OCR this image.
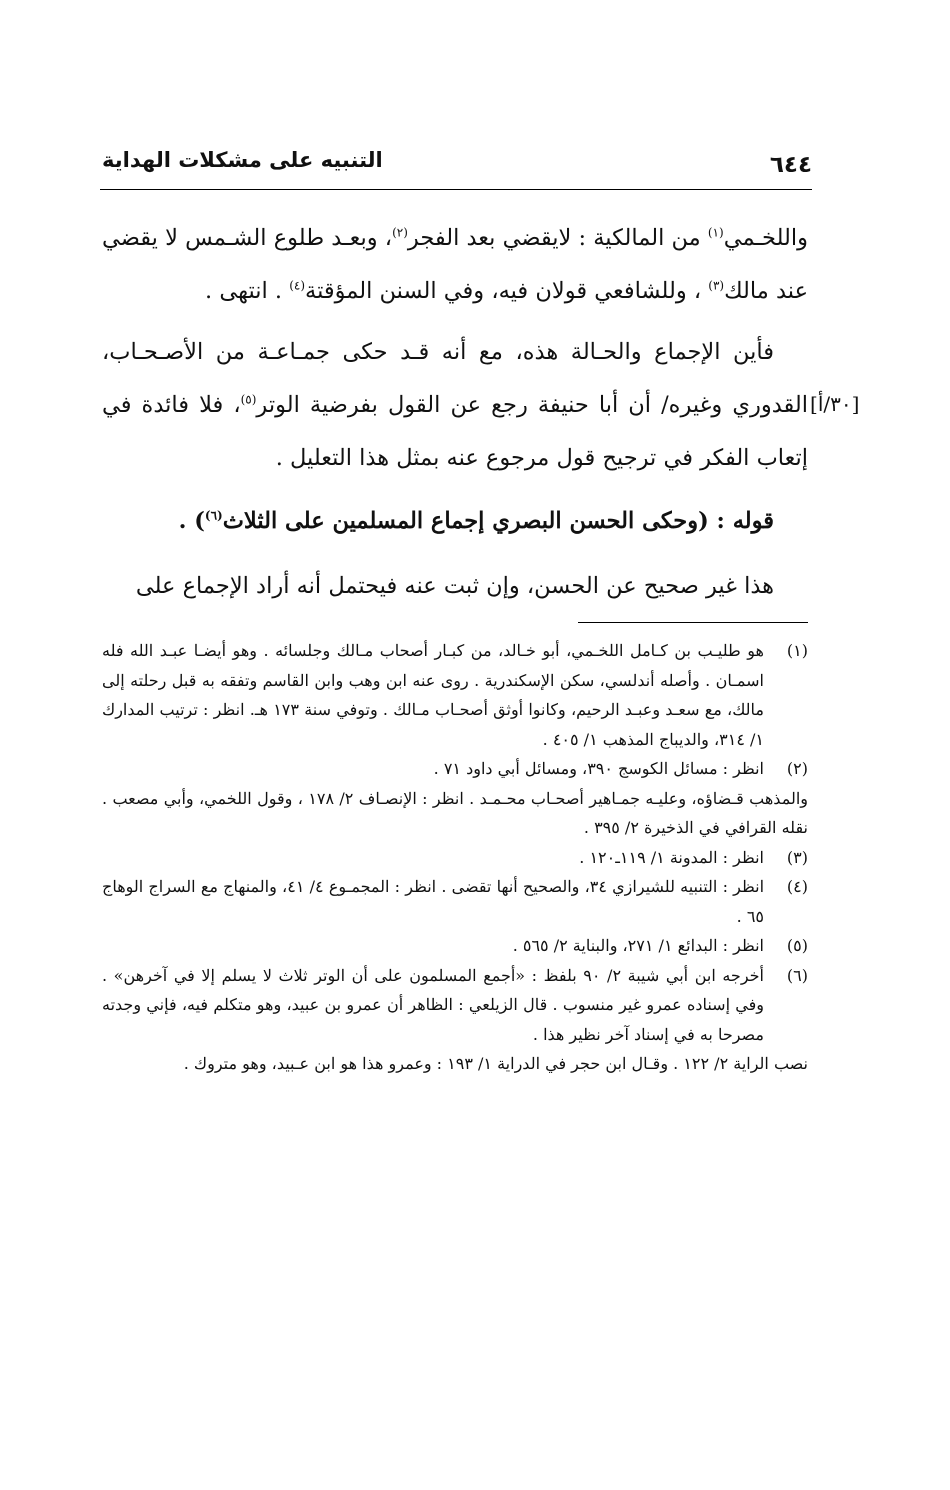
التنبيه على مشكلات الهداية	٦٤٤
[٣٠/أ]

واللخـمي$^{(١)}$ من المالكية : لايقضي بعد الفجر$^{(٢)}$، وبعـد طلوع الشـمس لا يقضي عند مالك$^{(٣)}$ ، وللشافعي قولان فيه، وفي السنن المؤقتة$^{(٤)}$ . انتهى .

فأين الإجماع والحـالة هذه، مع أنه قـد حكى جمـاعـة من الأصـحـاب، القدوري وغيره/ أن أبا حنيفة رجع عن القول بفرضية الوتر$^{(٥)}$، فلا فائدة في إتعاب الفكر في ترجيح قول مرجوع عنه بمثل هذا التعليل .

قوله : (وحكى الحسن البصري إجماع المسلمين على الثلاث$^{(٦)}$) .

هذا غير صحيح عن الحسن، وإن ثبت عنه فيحتمل أنه أراد الإجماع على

(١)
هو طليـب بن كـامل اللخـمي، أبو خـالد، من كبـار أصحاب مـالك وجلسائه . وهو أيضـا عبـد الله فله اسمـان . وأصله أندلسي، سكن الإسكندرية . روى عنه ابن وهب وابن القاسم وتفقه به قبل رحلته إلى مالك، مع سعـد وعبـد الرحيم، وكانوا أوثق أصحـاب مـالك . وتوفي سنة ١٧٣ هـ. انظر : ترتيب المدارك ١/ ٣١٤، والديباج المذهب ١/ ٤٠٥ .
(٢)
انظر : مسائل الكوسج ٣٩٠، ومسائل أبي داود ٧١ .

والمذهب قـضاؤه، وعليـه جمـاهير أصحـاب محـمـد . انظر : الإنصـاف ٢/ ١٧٨ ، وقول اللخمي، وأبي مصعب . نقله القرافي في الذخيرة ٢/ ٣٩٥ .

(٣)
انظر : المدونة ١/ ١١٩ـ١٢٠ .
(٤)
انظر : التنبيه للشيرازي ٣٤، والصحيح أنها تقضى . انظر : المجمـوع ٤/ ٤١، والمنهاج مع السراج الوهاج ٦٥ .
(٥)
انظر : البدائع ١/ ٢٧١، والبناية ٢/ ٥٦٥ .
(٦)
أخرجه ابن أبي شيبة ٢/ ٩٠ بلفظ : «أجمع المسلمون على أن الوتر ثلاث لا يسلم إلا في آخرهن» . وفي إسناده عمرو غير منسوب . قال الزيلعي : الظاهر أن عمرو بن عبيد، وهو متكلم فيه، فإني وجدته مصرحا به في إسناد آخر نظير هذا .

نصب الراية ٢/ ١٢٢ . وقـال ابن حجر في الدراية ١/ ١٩٣ : وعمرو هذا هو ابن عـبيد، وهو متروك .
